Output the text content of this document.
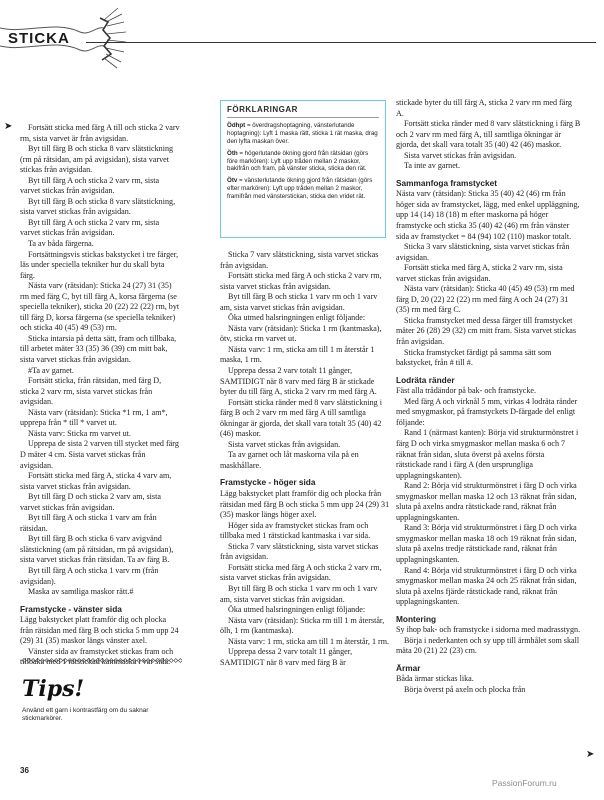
STICKA
➤
➤

Fortsätt sticka med färg A till och sticka 2 varv rm, sista varvet är från avigsidan.

Byt till färg B och sticka 8 varv slätstickning (rm på rätsidan, am på avigsidan), sista varvet stickas från avigsidan.

Byt till färg A och sticka 2 varv rm, sista varvet stickas från avigsidan.

Byt till färg B och sticka 8 varv slätstickning, sista varvet stickas från avigsidan.

Byt till färg A och sticka 2 varv rm, sista varvet stickas från avigsidan.

Ta av båda färgerna.

Fortsättningsvis stickas bakstycket i tre färger, läs under speciella tekniker hur du skall byta färg.

Nästa varv (rätsidan): Sticka 24 (27) 31 (35) rm med färg C, byt till färg A, korsa färgerna (se speciella tekniker), sticka 20 (22) 22 (22) rm, byt till färg D, korsa färgerna (se speciella tekniker) och sticka 40 (45) 49 (53) rm.

Sticka intarsia på detta sätt, fram och tillbaka, till arbetet mäter 33 (35) 36 (39) cm mitt bak, sista varvet stickas från avigsidan.

#Ta av garnet.

Fortsätt sticka, från rätsidan, med färg D, sticka 2 varv rm, sista varvet stickas från avigsidan.

Nästa varv (rätsidan): Sticka *1 rm, 1 am*, upprepa från * till * varvet ut.

Nästa varv: Sticka rm varvet ut.

Upprepa de sista 2 varven till stycket med färg D mäter 4 cm. Sista varvet stickas från avigsidan.

Fortsätt sticka med färg A, sticka 4 varv am, sista varvet stickas från avigsidan.

Byt till färg D och sticka 2 varv am, sista varvet stickas från avigsidan.

Byt till färg A och sticka 1 varv am från rätsidan.

Byt till färg B och sticka 6 varv avigvänd slätstickning (am på rätsidan, rm på avigsidan), sista varvet stickas från rätsidan. Ta av färg B.

Byt till färg A och sticka 1 varv rm (från avigsidan).

Maska av samtliga maskor rätt.#

Framstycke - vänster sida

Lägg bakstycket platt framför dig och plocka från rätsidan med färg B och sticka 5 mm upp 24 (29) 31 (35) maskor längs vänster axel.

Vänster sida av framstycket stickas fram och tillbaka med 1 rätstickad kantmaska i var sida.

FÖRKLARINGAR

Ödhpt = överdragshoptagning, vänsterlutande hoptagning): Lyft 1 maska rätt, sticka 1 rät maska, drag den lyfta maskan över.

Öth = högerlutande ökning gjord från rätsidan (görs före markören): Lyft upp tråden mellan 2 maskor, bakifrån och fram, på vänster sticka, sticka den rät.

Ötv = vänsterlutande ökning gjord från rätsidan (görs efter markören): Lyft upp tråden mellan 2 maskor, framifrån med vänsterstickan, sticka den vridet rät.

Sticka 7 varv slätstickning, sista varvet stickas från avigsidan.

Fortsätt sticka med färg A och sticka 2 varv rm, sista varvet stickas från avigsidan.

Byt till färg B och sticka 1 varv rm och 1 varv am, sista varvet stickas från avigsidan.

Öka utmed halsringningen enligt följande:

Nästa varv (rätsidan): Sticka 1 rm (kantmaska), ötv, sticka rm varvet ut.

Nästa varv: 1 rm, sticka am till 1 m återstår 1 maska, 1 rm.

Upprepa dessa 2 varv totalt 11 gånger, SAMTIDIGT när 8 varv med färg B är stickade byter du till färg A, sticka 2 varv rm med färg A.

Fortsätt sticka ränder med 8 varv slätstickning i färg B och 2 varv rm med färg A till samtliga ökningar är gjorda, det skall vara totalt 35 (40) 42 (46) maskor.

Sista varvet stickas från avigsidan.

Ta av garnet och låt maskorna vila på en maskhållare.

Framstycke - höger sida

Lägg bakstycket platt framför dig och plocka från rätsidan med färg B och sticka 5 mm upp 24 (29) 31 (35) maskor längs höger axel.

Höger sida av framstycket stickas fram och tillbaka med 1 rätstickad kantmaska i var sida.

Sticka 7 varv slätstickning, sista varvet stickas från avigsidan.

Fortsätt sticka med färg A och sticka 2 varv rm, sista varvet stickas från avigsidan.

Byt till färg B och sticka 1 varv rm och 1 varv am, sista varvet stickas från avigsidan.

Öka utmed halsringningen enligt följande:

Nästa varv (rätsidan): Sticka rm till 1 m återstår, ölh, 1 rm (kantmaska).

Nästa varv: 1 rm, sticka am till 1 m återstår, 1 rm.

Upprepa dessa 2 varv totalt 11 gånger, SAMTIDIGT när 8 varv med färg B är

stickade byter du till färg A, sticka 2 varv rm med färg A.

Fortsätt sticka ränder med 8 varv slätstickning i färg B och 2 varv rm med färg A, till samtliga ökningar är gjorda, det skall vara totalt 35 (40) 42 (46) maskor.

Sista varvet stickas från avigsidan.

Ta inte av garnet.

Sammanfoga framstycket

Nästa varv (rätsidan): Sticka 35 (40) 42 (46) rm från höger sida av framstycket, lägg, med enkel uppläggning, upp 14 (14) 18 (18) m efter maskorna på höger framstycke och sticka 35 (40) 42 (46) rm från vänster sida av framstycket = 84 (94) 102 (110) maskor totalt.

Sticka 3 varv slätstickning, sista varvet stickas från avigsidan.

Fortsätt sticka med färg A, sticka 2 varv rm, sista varvet stickas från avigsidan.

Nästa varv (rätsidan): Sticka 40 (45) 49 (53) rm med färg D, 20 (22) 22 (22) rm med färg A och 24 (27) 31 (35) rm med färg C.

Sticka framstycket med dessa färger till framstycket mäter 26 (28) 29 (32) cm mitt fram. Sista varvet stickas från avigsidan.

Sticka framstycket färdigt på samma sätt som bakstycket, från # till #.

Lodräta ränder

Fäst alla trådändor på bak- och framstycke.

Med färg A och virknål 5 mm, virkas 4 lodräta ränder med smygmaskor, på framstyckets D-färgade del enligt följande:

Rand 1 (närmast kanten): Börja vid strukturmönstret i färg D och virka smygmaskor mellan maska 6 och 7 räknat från sidan, sluta överst på axelns första rätstickade rand i färg A (den ursprungliga upplagningskanten).

Rand 2: Börja vid strukturmönstret i färg D och virka smygmaskor mellan maska 12 och 13 räknat från sidan, sluta på axelns andra rätstickade rand, räknat från upplagningskanten.

Rand 3: Börja vid strukturmönstret i färg D och virka smygmaskor mellan maska 18 och 19 räknat från sidan, sluta på axelns tredje rätstickade rand, räknat från upplagningskanten.

Rand 4: Börja vid strukturmönstret i färg D och virka smygmaskor mellan maska 24 och 25 räknat från sidan, sluta på axelns fjärde rätstickade rand, räknat från upplagningskanten.

Montering

Sy ihop bak- och framstycke i sidorna med madrasstygn.

Börja i nederkanten och sy upp till ärmhålet som skall mäta 20 (21) 22 (23) cm.

Ärmar

Båda ärmar stickas lika.

Börja överst på axeln och plocka från

Tips!
Använd ett garn i kontrastfärg om du saknar stickmarkörer.
36
PassionForum.ru
